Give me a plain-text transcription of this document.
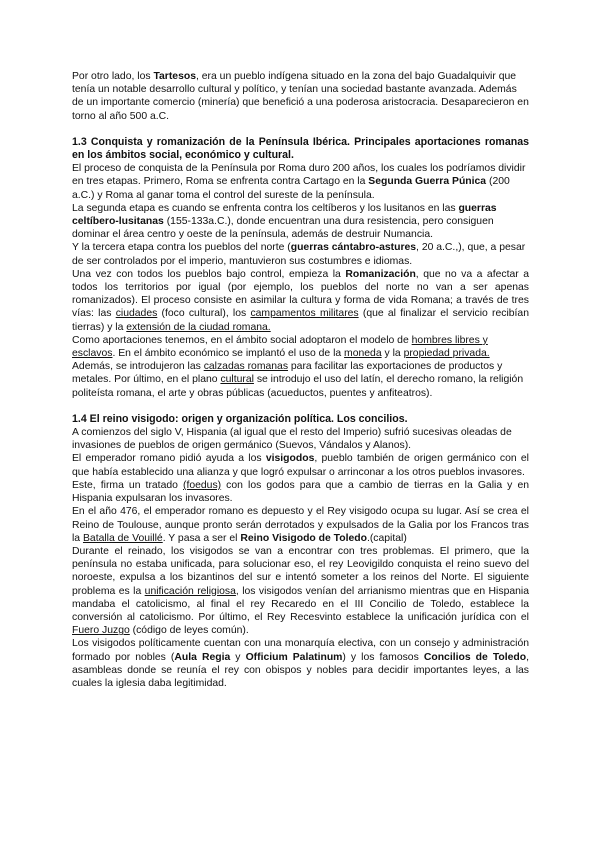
Por otro lado, los Tartesos, era un pueblo indígena situado en la zona del bajo Guadalquivir que tenía un notable desarrollo cultural y político, y tenían una sociedad bastante avanzada. Además de un importante comercio (minería) que benefició a una poderosa aristocracia. Desaparecieron en torno al año 500 a.C.

1.3 Conquista y romanización de la Península Ibérica. Principales aportaciones romanas en los ámbitos social, económico y cultural.

El proceso de conquista de la Península por Roma duro 200 años, los cuales los podríamos dividir en tres etapas. Primero, Roma se enfrenta contra Cartago en la Segunda Guerra Púnica (200 a.C.) y Roma al ganar toma el control del sureste de la península.

La segunda etapa es cuando se enfrenta contra los celtíberos y los lusitanos en las guerras celtíbero-lusitanas (155-133a.C.), donde encuentran una dura resistencia, pero consiguen dominar el área centro y oeste de la península, además de destruir Numancia.

Y la tercera etapa contra los pueblos del norte (guerras cántabro-astures, 20 a.C.,), que, a pesar de ser controlados por el imperio, mantuvieron sus costumbres e idiomas.

Una vez con todos los pueblos bajo control, empieza la Romanización, que no va a afectar a todos los territorios por igual (por ejemplo, los pueblos del norte no van a ser apenas romanizados). El proceso consiste en asimilar la cultura y forma de vida Romana; a través de tres vías: las ciudades (foco cultural), los campamentos militares (que al finalizar el servicio recibían tierras) y la extensión de la ciudad romana.

Como aportaciones tenemos, en el ámbito social adoptaron el modelo de hombres libres y esclavos. En el ámbito económico se implantó el uso de la moneda y la propiedad privada. Además, se introdujeron las calzadas romanas para facilitar las exportaciones de productos y metales. Por último, en el plano cultural se introdujo el uso del latín, el derecho romano, la religión politeísta romana, el arte y obras públicas (acueductos, puentes y anfiteatros).

1.4 El reino visigodo: origen y organización política. Los concilios.

A comienzos del siglo V, Hispania (al igual que el resto del Imperio) sufrió sucesivas oleadas de invasiones de pueblos de origen germánico (Suevos, Vándalos y Alanos).

El emperador romano pidió ayuda a los visigodos, pueblo también de origen germánico con el que había establecido una alianza y que logró expulsar o arrinconar a los otros pueblos invasores.

Este, firma un tratado (foedus) con los godos para que a cambio de tierras en la Galia y en Hispania expulsaran los invasores.

En el año 476, el emperador romano es depuesto y el Rey visigodo ocupa su lugar. Así se crea el Reino de Toulouse, aunque pronto serán derrotados y expulsados de la Galia por los Francos tras la Batalla de Vouillé. Y pasa a ser el Reino Visigodo de Toledo.(capital)

Durante el reinado, los visigodos se van a encontrar con tres problemas. El primero, que la península no estaba unificada, para solucionar eso, el rey Leovigildo conquista el reino suevo del noroeste, expulsa a los bizantinos del sur e intentó someter a los reinos del Norte. El siguiente problema es la unificación religiosa, los visigodos venían del arrianismo mientras que en Hispania mandaba el catolicismo, al final el rey Recaredo en el III Concilio de Toledo, establece la conversión al catolicismo. Por último, el Rey Recesvinto establece la unificación jurídica con el Fuero Juzgo (código de leyes común).

Los visigodos políticamente cuentan con una monarquía electiva, con un consejo y administración formado por nobles (Aula Regia y Officium Palatinum) y los famosos Concilios de Toledo, asambleas donde se reunía el rey con obispos y nobles para decidir importantes leyes, a las cuales la iglesia daba legitimidad.
